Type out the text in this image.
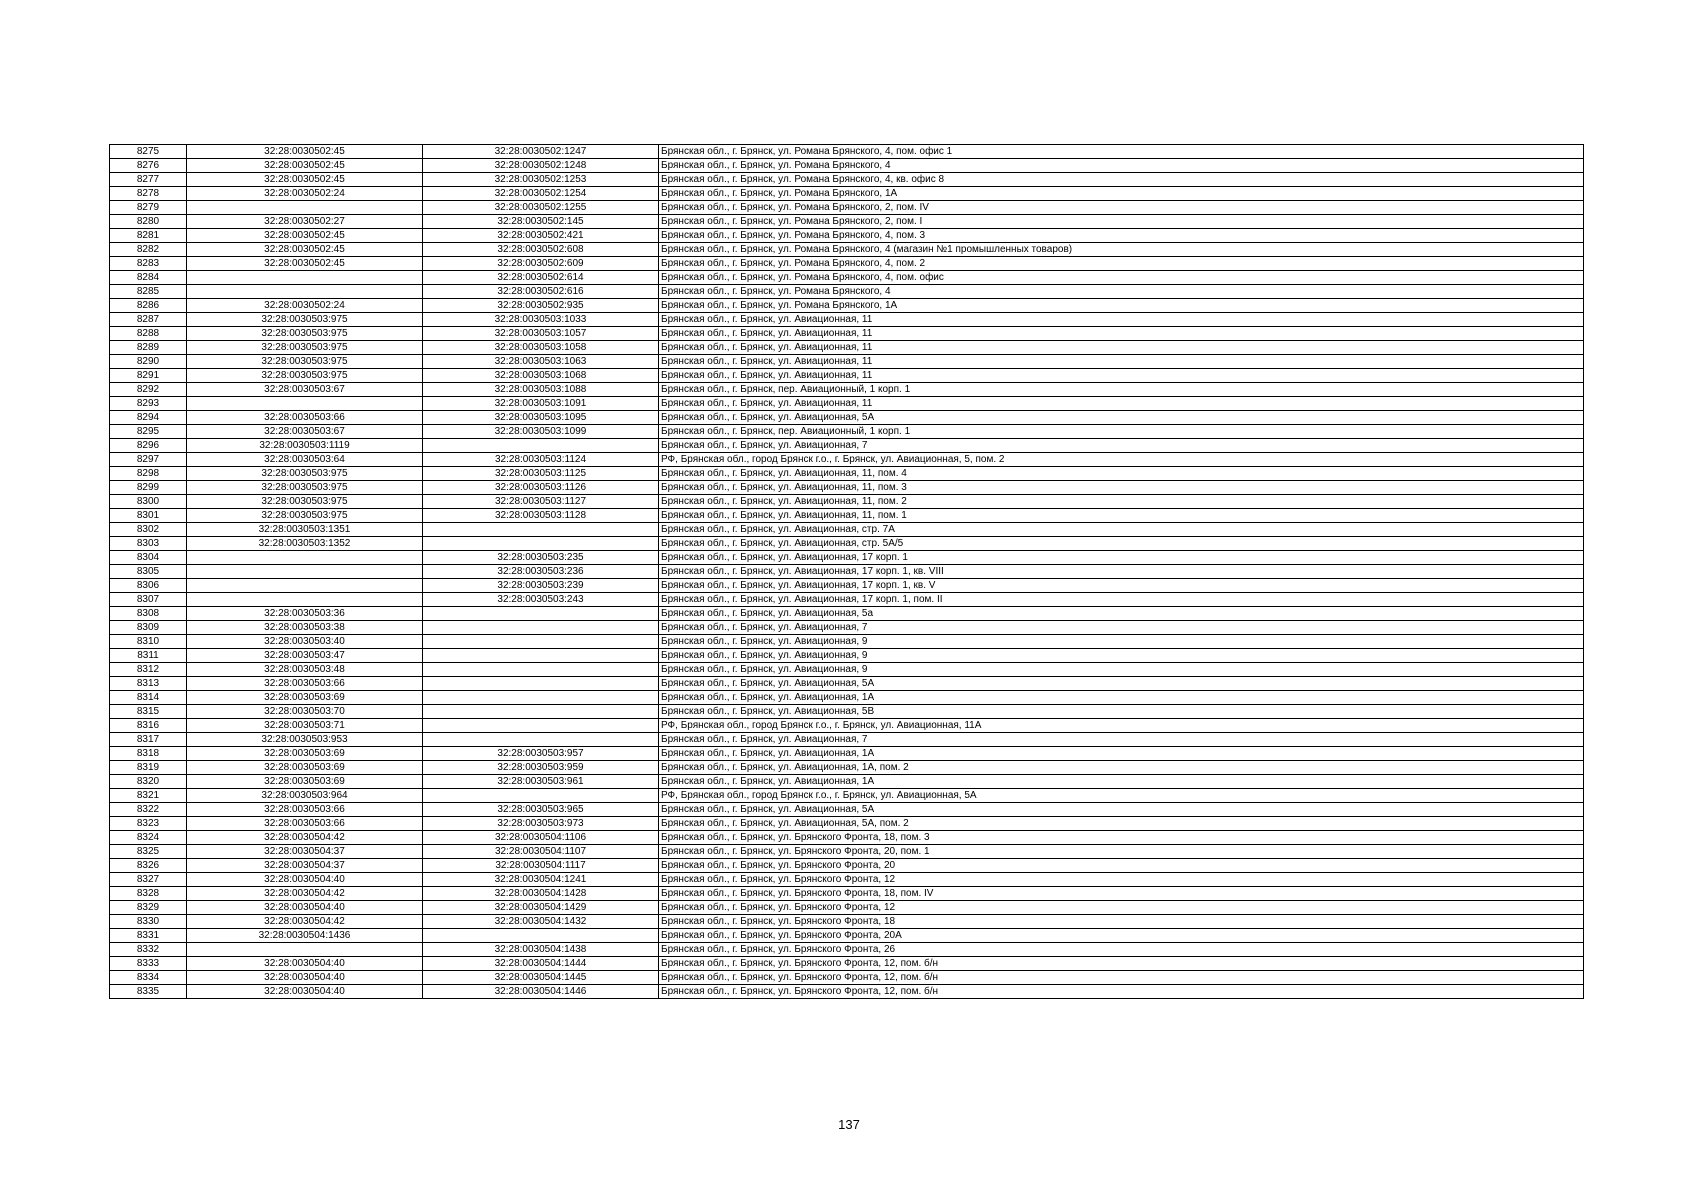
8275	32:28:0030502:45	32:28:0030502:1247	Брянская обл., г. Брянск, ул. Романа Брянского, 4, пом. офис 1
8276	32:28:0030502:45	32:28:0030502:1248	Брянская обл., г. Брянск, ул. Романа Брянского, 4
8277	32:28:0030502:45	32:28:0030502:1253	Брянская обл., г. Брянск, ул. Романа Брянского, 4, кв. офис 8
8278	32:28:0030502:24	32:28:0030502:1254	Брянская обл., г. Брянск, ул. Романа Брянского, 1А
8279		32:28:0030502:1255	Брянская обл., г. Брянск, ул. Романа Брянского, 2, пом. IV
8280	32:28:0030502:27	32:28:0030502:145	Брянская обл., г. Брянск, ул. Романа Брянского, 2, пом. I
8281	32:28:0030502:45	32:28:0030502:421	Брянская обл., г. Брянск, ул. Романа Брянского, 4, пом. 3
8282	32:28:0030502:45	32:28:0030502:608	Брянская обл., г. Брянск, ул. Романа Брянского, 4 (магазин №1 промышленных товаров)
8283	32:28:0030502:45	32:28:0030502:609	Брянская обл., г. Брянск, ул. Романа Брянского, 4, пом. 2
8284		32:28:0030502:614	Брянская обл., г. Брянск, ул. Романа Брянского, 4, пом. офис
8285		32:28:0030502:616	Брянская обл., г. Брянск, ул. Романа Брянского, 4
8286	32:28:0030502:24	32:28:0030502:935	Брянская обл., г. Брянск, ул. Романа Брянского, 1А
8287	32:28:0030503:975	32:28:0030503:1033	Брянская обл., г. Брянск, ул. Авиационная, 11
8288	32:28:0030503:975	32:28:0030503:1057	Брянская обл., г. Брянск, ул. Авиационная, 11
8289	32:28:0030503:975	32:28:0030503:1058	Брянская обл., г. Брянск, ул. Авиационная, 11
8290	32:28:0030503:975	32:28:0030503:1063	Брянская обл., г. Брянск, ул. Авиационная, 11
8291	32:28:0030503:975	32:28:0030503:1068	Брянская обл., г. Брянск, ул. Авиационная, 11
8292	32:28:0030503:67	32:28:0030503:1088	Брянская обл., г. Брянск, пер. Авиационный, 1 корп. 1
8293		32:28:0030503:1091	Брянская обл., г. Брянск, ул. Авиационная, 11
8294	32:28:0030503:66	32:28:0030503:1095	Брянская обл., г. Брянск, ул. Авиационная, 5А
8295	32:28:0030503:67	32:28:0030503:1099	Брянская обл., г. Брянск, пер. Авиационный, 1 корп. 1
8296	32:28:0030503:1119		Брянская обл., г. Брянск, ул. Авиационная, 7
8297	32:28:0030503:64	32:28:0030503:1124	РФ, Брянская обл., город Брянск г.о., г. Брянск, ул. Авиационная, 5, пом. 2
8298	32:28:0030503:975	32:28:0030503:1125	Брянская обл., г. Брянск, ул. Авиационная, 11, пом. 4
8299	32:28:0030503:975	32:28:0030503:1126	Брянская обл., г. Брянск, ул. Авиационная, 11, пом. 3
8300	32:28:0030503:975	32:28:0030503:1127	Брянская обл., г. Брянск, ул. Авиационная, 11, пом. 2
8301	32:28:0030503:975	32:28:0030503:1128	Брянская обл., г. Брянск, ул. Авиационная, 11, пом. 1
8302	32:28:0030503:1351		Брянская обл., г. Брянск, ул. Авиационная, стр. 7А
8303	32:28:0030503:1352		Брянская обл., г. Брянск, ул. Авиационная, стр. 5А/5
8304		32:28:0030503:235	Брянская обл., г. Брянск, ул. Авиационная, 17 корп. 1
8305		32:28:0030503:236	Брянская обл., г. Брянск, ул. Авиационная, 17 корп. 1, кв. VIII
8306		32:28:0030503:239	Брянская обл., г. Брянск, ул. Авиационная, 17 корп. 1, кв. V
8307		32:28:0030503:243	Брянская обл., г. Брянск, ул. Авиационная, 17 корп. 1, пом. II
8308	32:28:0030503:36		Брянская обл., г. Брянск, ул. Авиационная, 5а
8309	32:28:0030503:38		Брянская обл., г. Брянск, ул. Авиационная, 7
8310	32:28:0030503:40		Брянская обл., г. Брянск, ул. Авиационная, 9
8311	32:28:0030503:47		Брянская обл., г. Брянск, ул. Авиационная, 9
8312	32:28:0030503:48		Брянская обл., г. Брянск, ул. Авиационная, 9
8313	32:28:0030503:66		Брянская обл., г. Брянск, ул. Авиационная, 5А
8314	32:28:0030503:69		Брянская обл., г. Брянск, ул. Авиационная, 1А
8315	32:28:0030503:70		Брянская обл., г. Брянск, ул. Авиационная, 5В
8316	32:28:0030503:71		РФ, Брянская обл., город Брянск г.о., г. Брянск, ул. Авиационная, 11А
8317	32:28:0030503:953		Брянская обл., г. Брянск, ул. Авиационная, 7
8318	32:28:0030503:69	32:28:0030503:957	Брянская обл., г. Брянск, ул. Авиационная, 1А
8319	32:28:0030503:69	32:28:0030503:959	Брянская обл., г. Брянск, ул. Авиационная, 1А, пом. 2
8320	32:28:0030503:69	32:28:0030503:961	Брянская обл., г. Брянск, ул. Авиационная, 1А
8321	32:28:0030503:964		РФ, Брянская обл., город Брянск г.о., г. Брянск, ул. Авиационная, 5А
8322	32:28:0030503:66	32:28:0030503:965	Брянская обл., г. Брянск, ул. Авиационная, 5А
8323	32:28:0030503:66	32:28:0030503:973	Брянская обл., г. Брянск, ул. Авиационная, 5А, пом. 2
8324	32:28:0030504:42	32:28:0030504:1106	Брянская обл., г. Брянск, ул. Брянского Фронта, 18, пом. 3
8325	32:28:0030504:37	32:28:0030504:1107	Брянская обл., г. Брянск, ул. Брянского Фронта, 20, пом. 1
8326	32:28:0030504:37	32:28:0030504:1117	Брянская обл., г. Брянск, ул. Брянского Фронта, 20
8327	32:28:0030504:40	32:28:0030504:1241	Брянская обл., г. Брянск, ул. Брянского Фронта, 12
8328	32:28:0030504:42	32:28:0030504:1428	Брянская обл., г. Брянск, ул. Брянского Фронта, 18, пом. IV
8329	32:28:0030504:40	32:28:0030504:1429	Брянская обл., г. Брянск, ул. Брянского Фронта, 12
8330	32:28:0030504:42	32:28:0030504:1432	Брянская обл., г. Брянск, ул. Брянского Фронта, 18
8331	32:28:0030504:1436		Брянская обл., г. Брянск, ул. Брянского Фронта, 20А
8332		32:28:0030504:1438	Брянская обл., г. Брянск, ул. Брянского Фронта, 26
8333	32:28:0030504:40	32:28:0030504:1444	Брянская обл., г. Брянск, ул. Брянского Фронта, 12, пом. б/н
8334	32:28:0030504:40	32:28:0030504:1445	Брянская обл., г. Брянск, ул. Брянского Фронта, 12, пом. б/н
8335	32:28:0030504:40	32:28:0030504:1446	Брянская обл., г. Брянск, ул. Брянского Фронта, 12, пом. б/н
137
